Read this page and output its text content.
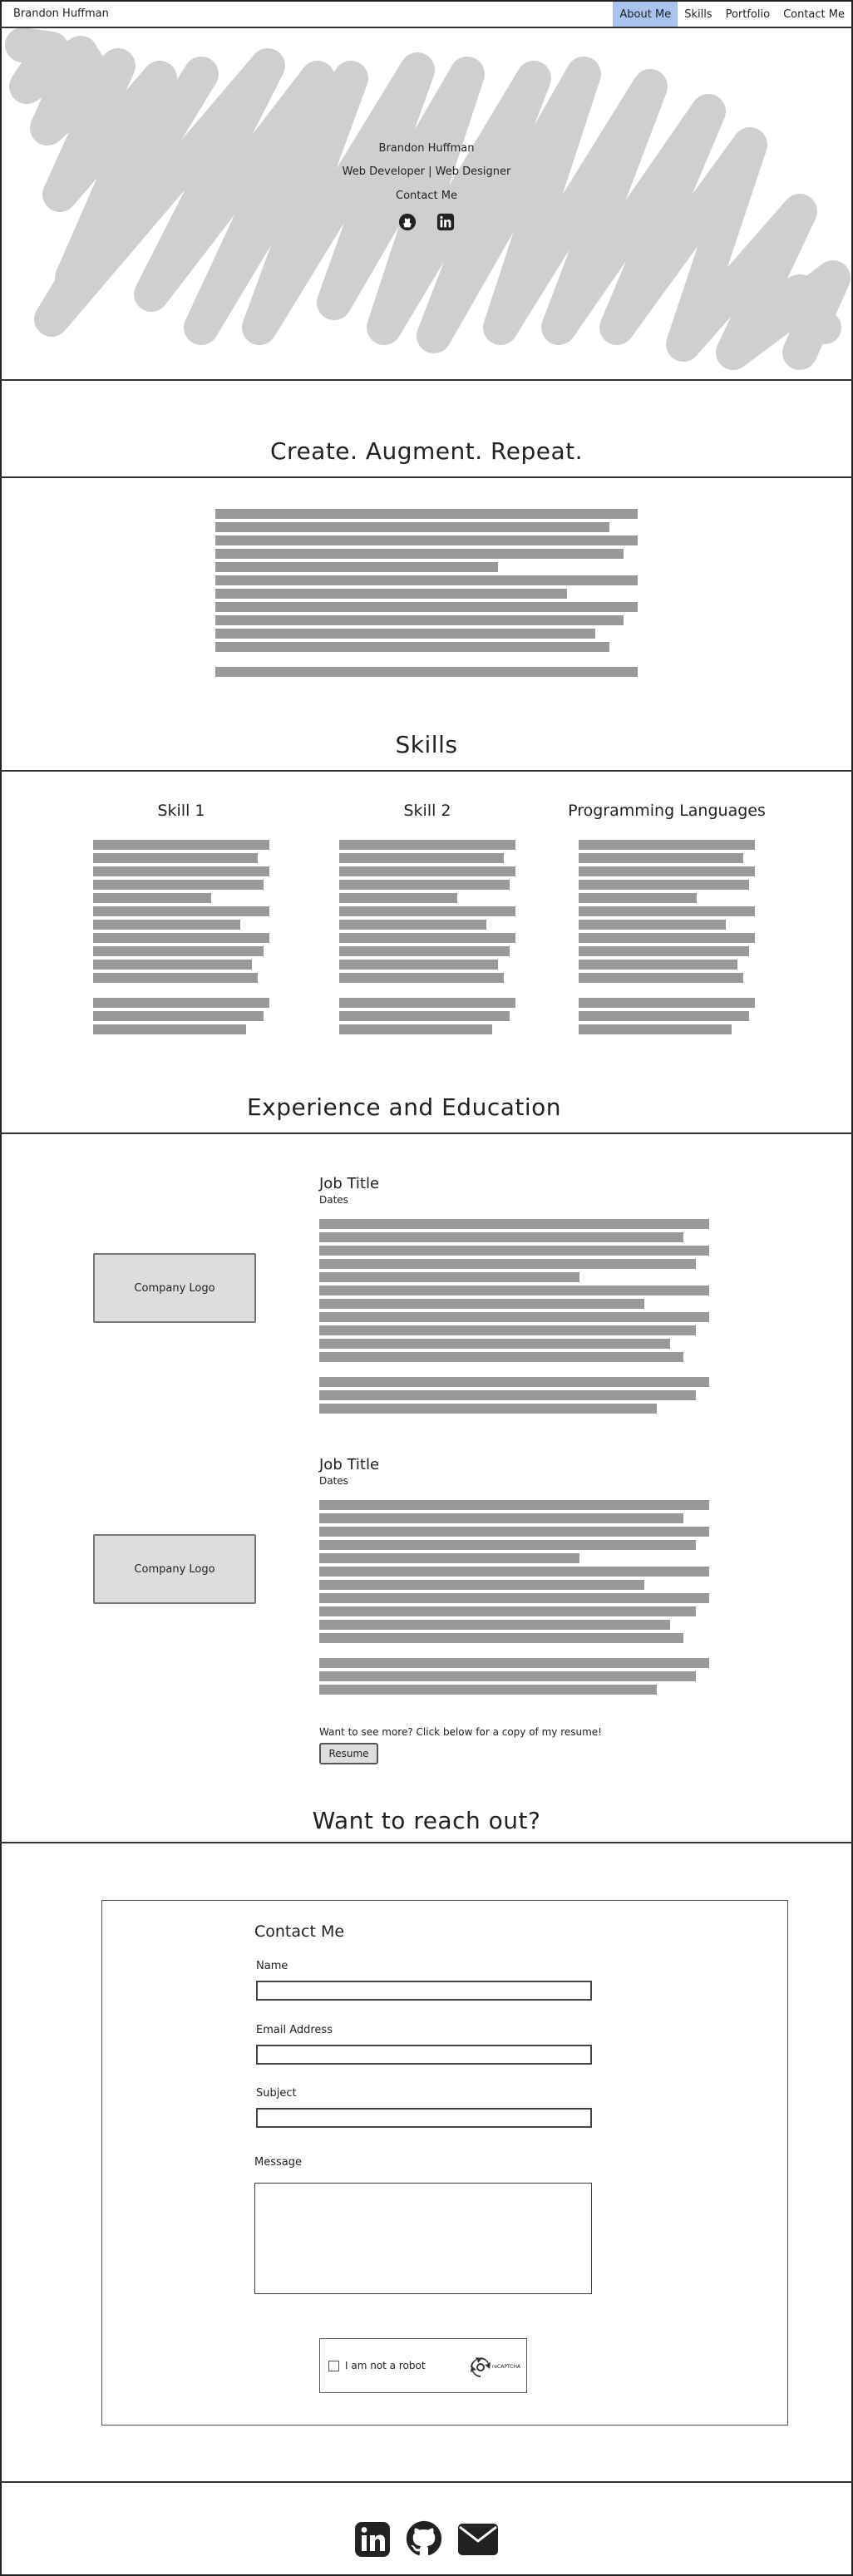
Brandon Huffman	About Me	Skills	Portfolio	Contact Me
Brandon Huffman
Web Developer | Web Designer
Contact Me
Create. Augment. Repeat.
Skills
Skill 1	Skill 2	Programming Languages
Experience and Education
Company Logo
Job Title
Dates
Company Logo
Job Title
Dates
Want to see more? Click below for a copy of my resume!
Resume
Want to reach out?
Contact Me
Name
Email Address
Subject
Message
I am not a robot	reCAPTCHA
